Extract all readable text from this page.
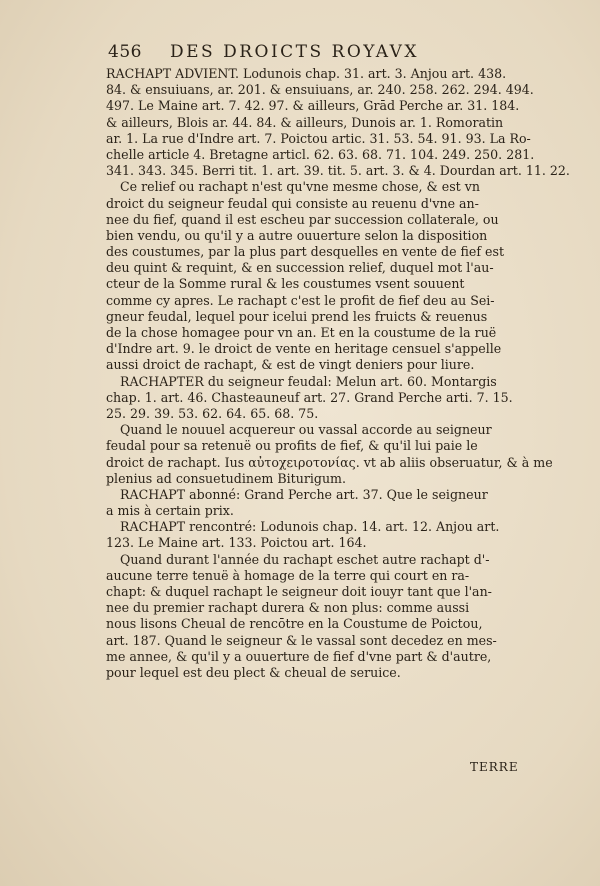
456 DES DROICTS ROYAVX
RACHAPT ADVIENT. Lodunois chap. 31. art. 3. Anjou art. 438.
84. & ensuiuans, ar. 201. & ensuiuans, ar. 240. 258. 262. 294. 494.
497. Le Maine art. 7. 42. 97. & ailleurs, Grād Perche ar. 31. 184.
& ailleurs, Blois ar. 44. 84. & ailleurs, Dunois ar. 1. Romoratin
ar. 1. La rue d'Indre art. 7. Poictou artic. 31. 53. 54. 91. 93. La Ro-
chelle article 4. Bretagne articl. 62. 63. 68. 71. 104. 249. 250. 281.
341. 343. 345. Berri tit. 1. art. 39. tit. 5. art. 3. & 4. Dourdan art. 11. 22.
Ce relief ou rachapt n'est qu'vne mesme chose, & est vn
droict du seigneur feudal qui consiste au reuenu d'vne an-
nee du fief, quand il est escheu par succession collaterale, ou
bien vendu, ou qu'il y a autre ouuerture selon la disposition
des coustumes, par la plus part desquelles en vente de fief est
deu quint & requint, & en succession relief, duquel mot l'au-
cteur de la Somme rural & les coustumes vsent souuent
comme cy apres. Le rachapt c'est le profit de fief deu au Sei-
gneur feudal, lequel pour icelui prend les fruicts & reuenus
de la chose homagee pour vn an. Et en la coustume de la ruë
d'Indre art. 9. le droict de vente en heritage censuel s'appelle
aussi droict de rachapt, & est de vingt deniers pour liure.
RACHAPTER du seigneur feudal: Melun art. 60. Montargis
chap. 1. art. 46. Chasteauneuf art. 27. Grand Perche arti. 7. 15.
25. 29. 39. 53. 62. 64. 65. 68. 75.
Quand le nouuel acquereur ou vassal accorde au seigneur
feudal pour sa retenuë ou profits de fief, & qu'il lui paie le
droict de rachapt. Ius αὐτοχειροτονίας. vt ab aliis obseruatur, & à me
plenius ad consuetudinem Biturigum.
RACHAPT abonné: Grand Perche art. 37. Que le seigneur
a mis à certain prix.
RACHAPT rencontré: Lodunois chap. 14. art. 12. Anjou art.
123. Le Maine art. 133. Poictou art. 164.
Quand durant l'année du rachapt eschet autre rachapt d'-
aucune terre tenuë à homage de la terre qui court en ra-
chapt: & duquel rachapt le seigneur doit iouyr tant que l'an-
nee du premier rachapt durera & non plus: comme aussi
nous lisons Cheual de rencōtre en la Coustume de Poictou,
art. 187. Quand le seigneur & le vassal sont decedez en mes-
me annee, & qu'il y a ouuerture de fief d'vne part & d'autre,
pour lequel est deu plect & cheual de seruice.
TERRE
